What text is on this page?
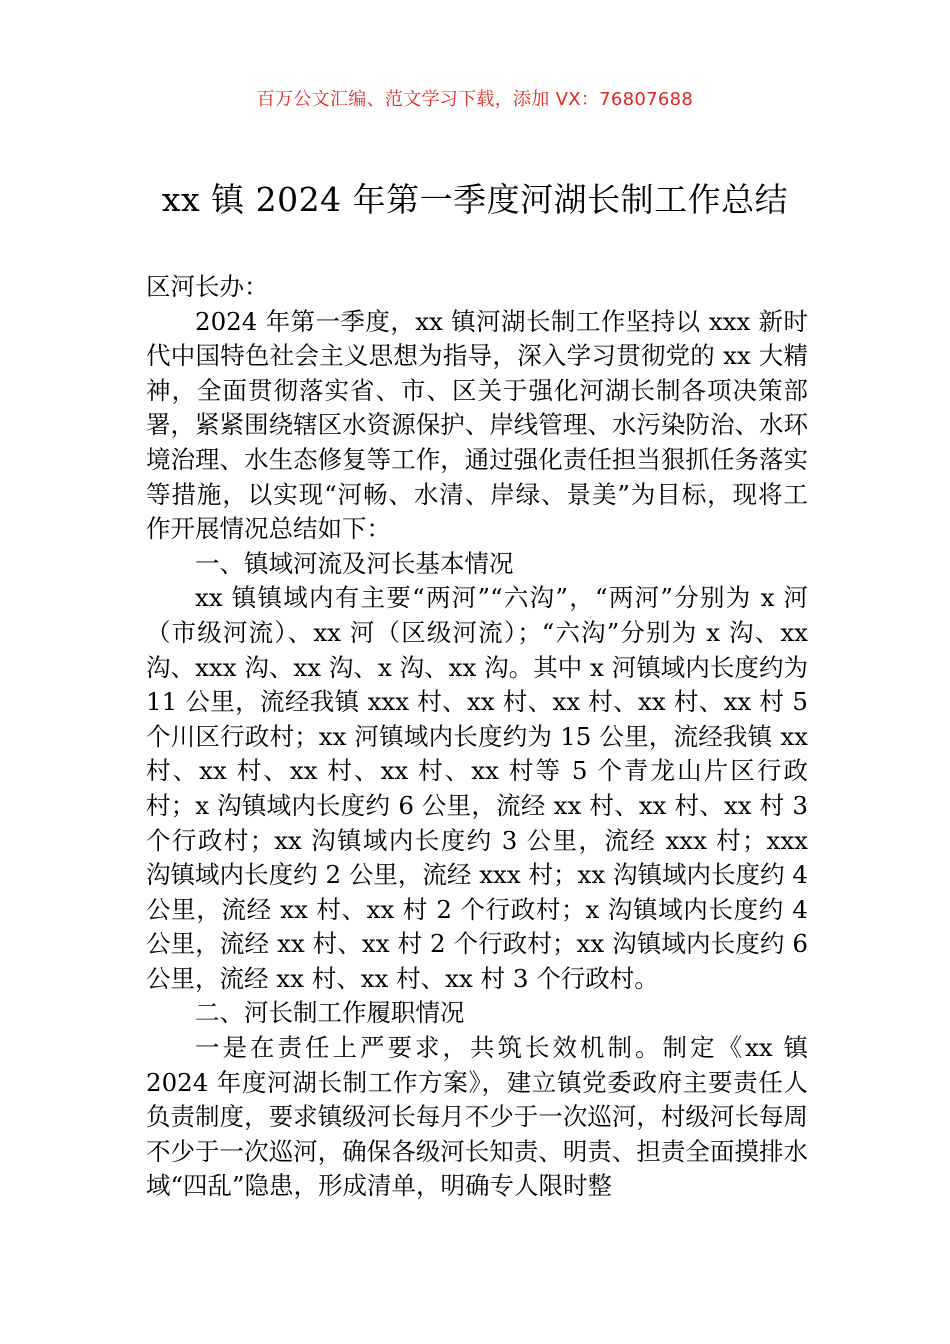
百万公文汇编、范文学习下载，添加 VX：76807688
xx 镇 2024 年第一季度河湖长制工作总结

区河长办：

2024 年第一季度，xx 镇河湖长制工作坚持以 xxx 新时代中国特色社会主义思想为指导，深入学习贯彻党的 xx 大精神，全面贯彻落实省、市、区关于强化河湖长制各项决策部署，紧紧围绕辖区水资源保护、岸线管理、水污染防治、水环境治理、水生态修复等工作，通过强化责任担当狠抓任务落实等措施，以实现“河畅、水清、岸绿、景美”为目标，现将工作开展情况总结如下：

一、镇域河流及河长基本情况

xx 镇镇域内有主要“两河”“六沟”，“两河”分别为 x 河（市级河流）、xx 河（区级河流）；“六沟”分别为 x 沟、xx 沟、xxx 沟、xx 沟、x 沟、xx 沟。其中 x 河镇域内长度约为 11 公里，流经我镇 xxx 村、xx 村、xx 村、xx 村、xx 村 5 个川区行政村；xx 河镇域内长度约为 15 公里，流经我镇 xx 村、xx 村、xx 村、xx 村、xx 村等 5 个青龙山片区行政村；x 沟镇域内长度约 6 公里，流经 xx 村、xx 村、xx 村 3 个行政村；xx 沟镇域内长度约 3 公里，流经 xxx 村；xxx 沟镇域内长度约 2 公里，流经 xxx 村；xx 沟镇域内长度约 4 公里，流经 xx 村、xx 村 2 个行政村；x 沟镇域内长度约 4 公里，流经 xx 村、xx 村 2 个行政村；xx 沟镇域内长度约 6 公里，流经 xx 村、xx 村、xx 村 3 个行政村。

二、河长制工作履职情况

一是在责任上严要求，共筑长效机制。制定《xx 镇 2024 年度河湖长制工作方案》，建立镇党委政府主要责任人负责制度，要求镇级河长每月不少于一次巡河，村级河长每周不少于一次巡河，确保各级河长知责、明责、担责全面摸排水域“四乱”隐患，形成清单，明确专人限时整
